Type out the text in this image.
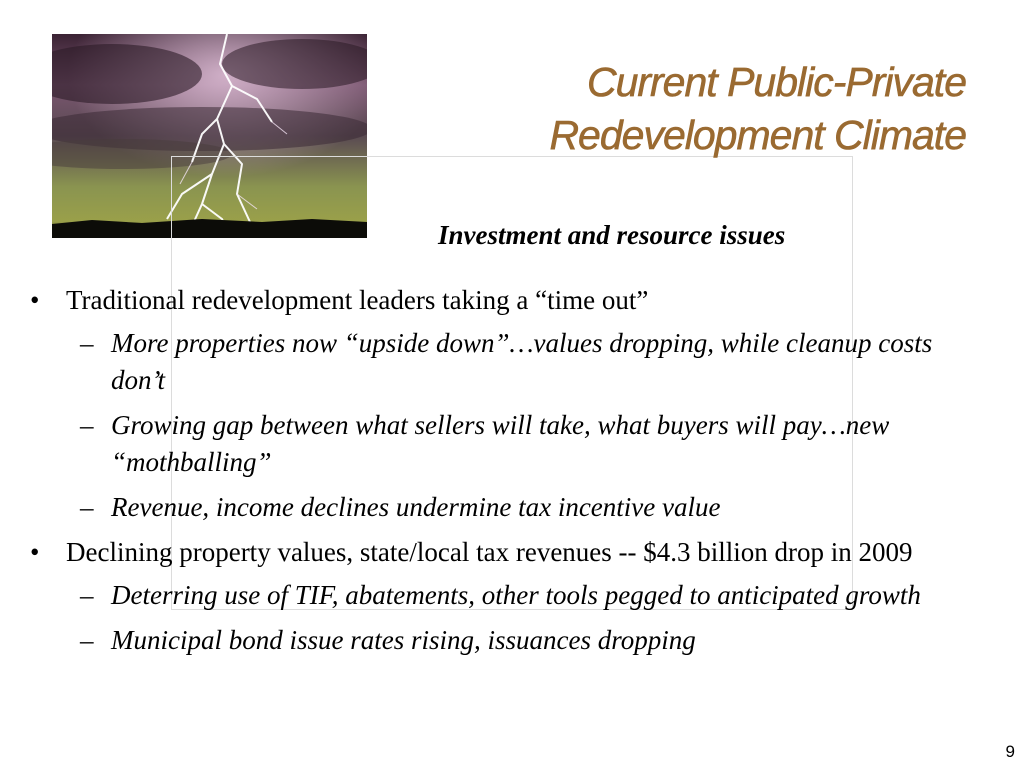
Current Public-Private
Redevelopment Climate
Investment and resource issues
• Traditional redevelopment leaders taking a “time out”
– More properties now “upside down”…values dropping, while cleanup costs don’t
– Growing gap between what sellers will take, what buyers will pay…new “mothballing”
– Revenue, income declines undermine tax incentive value
• Declining property values, state/local tax revenues -- $4.3 billion drop in 2009
– Deterring use of TIF, abatements, other tools pegged to anticipated growth
– Municipal bond issue rates rising, issuances dropping
9
